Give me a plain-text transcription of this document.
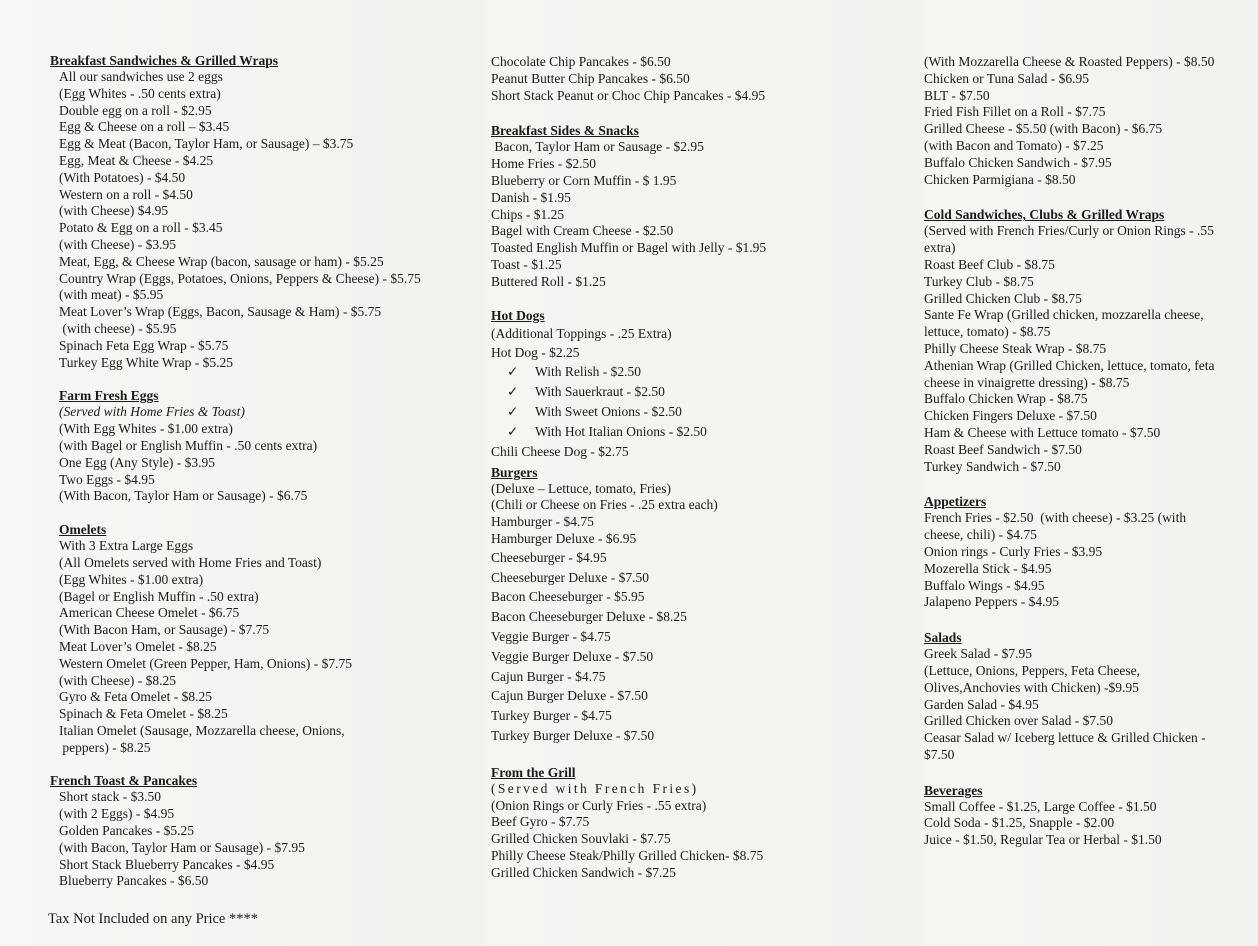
Breakfast Sandwiches & Grilled Wraps
All our sandwiches use 2 eggs
(Egg Whites - .50 cents extra)
Double egg on a roll - $2.95
Egg & Cheese on a roll – $3.45
Egg & Meat (Bacon, Taylor Ham, or Sausage) – $3.75
Egg, Meat & Cheese - $4.25
(With Potatoes) - $4.50
Western on a roll - $4.50
(with Cheese) $4.95
Potato & Egg on a roll - $3.45
(with Cheese) - $3.95
Meat, Egg, & Cheese Wrap (bacon, sausage or ham) - $5.25
Country Wrap (Eggs, Potatoes, Onions, Peppers & Cheese) - $5.75
(with meat) - $5.95
Meat Lover’s Wrap (Eggs, Bacon, Sausage & Ham) - $5.75
(with cheese) - $5.95
Spinach Feta Egg Wrap - $5.75
Turkey Egg White Wrap - $5.25
Farm Fresh Eggs
(Served with Home Fries & Toast)
(With Egg Whites - $1.00 extra)
(with Bagel or English Muffin - .50 cents extra)
One Egg (Any Style) - $3.95
Two Eggs - $4.95
(With Bacon, Taylor Ham or Sausage) - $6.75
Omelets
With 3 Extra Large Eggs
(All Omelets served with Home Fries and Toast)
(Egg Whites - $1.00 extra)
(Bagel or English Muffin - .50 extra)
American Cheese Omelet - $6.75
(With Bacon Ham, or Sausage) - $7.75
Meat Lover’s Omelet - $8.25
Western Omelet (Green Pepper, Ham, Onions) - $7.75
(with Cheese) - $8.25
Gyro & Feta Omelet - $8.25
Spinach & Feta Omelet - $8.25
Italian Omelet (Sausage, Mozzarella cheese, Onions,
peppers) - $8.25
French Toast & Pancakes
Short stack - $3.50
(with 2 Eggs) - $4.95
Golden Pancakes - $5.25
(with Bacon, Taylor Ham or Sausage) - $7.95
Short Stack Blueberry Pancakes - $4.95
Blueberry Pancakes - $6.50
Chocolate Chip Pancakes - $6.50
Peanut Butter Chip Pancakes - $6.50
Short Stack Peanut or Choc Chip Pancakes - $4.95
Breakfast Sides & Snacks
Bacon, Taylor Ham or Sausage - $2.95
Home Fries - $2.50
Blueberry or Corn Muffin - $ 1.95
Danish - $1.95
Chips - $1.25
Bagel with Cream Cheese - $2.50
Toasted English Muffin or Bagel with Jelly - $1.95
Toast - $1.25
Buttered Roll - $1.25
Hot Dogs
(Additional Toppings - .25 Extra)
Hot Dog - $2.25
✓ With Relish - $2.50
✓ With Sauerkraut - $2.50
✓ With Sweet Onions - $2.50
✓ With Hot Italian Onions - $2.50
Chili Cheese Dog - $2.75
Burgers
(Deluxe – Lettuce, tomato, Fries)
(Chili or Cheese on Fries - .25 extra each)
Hamburger - $4.75
Hamburger Deluxe - $6.95
Cheeseburger - $4.95
Cheeseburger Deluxe - $7.50
Bacon Cheeseburger - $5.95
Bacon Cheeseburger Deluxe - $8.25
Veggie Burger - $4.75
Veggie Burger Deluxe - $7.50
Cajun Burger - $4.75
Cajun Burger Deluxe - $7.50
Turkey Burger - $4.75
Turkey Burger Deluxe - $7.50
From the Grill
(Served with French Fries)
(Onion Rings or Curly Fries - .55 extra)
Beef Gyro - $7.75
Grilled Chicken Souvlaki - $7.75
Philly Cheese Steak/Philly Grilled Chicken- $8.75
Grilled Chicken Sandwich - $7.25
(With Mozzarella Cheese & Roasted Peppers) - $8.50
Chicken or Tuna Salad - $6.95
BLT - $7.50
Fried Fish Fillet on a Roll - $7.75
Grilled Cheese - $5.50 (with Bacon) - $6.75
(with Bacon and Tomato) - $7.25
Buffalo Chicken Sandwich - $7.95
Chicken Parmigiana - $8.50
Cold Sandwiches, Clubs & Grilled Wraps
(Served with French Fries/Curly or Onion Rings - .55
extra)
Roast Beef Club - $8.75
Turkey Club - $8.75
Grilled Chicken Club - $8.75
Sante Fe Wrap (Grilled chicken, mozzarella cheese,
lettuce, tomato) - $8.75
Philly Cheese Steak Wrap - $8.75
Athenian Wrap (Grilled Chicken, lettuce, tomato, feta
cheese in vinaigrette dressing) - $8.75
Buffalo Chicken Wrap - $8.75
Chicken Fingers Deluxe - $7.50
Ham & Cheese with Lettuce tomato - $7.50
Roast Beef Sandwich - $7.50
Turkey Sandwich - $7.50
Appetizers
French Fries - $2.50  (with cheese) - $3.25 (with
cheese, chili) - $4.75
Onion rings - Curly Fries - $3.95
Mozerella Stick - $4.95
Buffalo Wings - $4.95
Jalapeno Peppers - $4.95
Salads
Greek Salad - $7.95
(Lettuce, Onions, Peppers, Feta Cheese,
Olives,Anchovies with Chicken) -$9.95
Garden Salad - $4.95
Grilled Chicken over Salad - $7.50
Ceasar Salad w/ Iceberg lettuce & Grilled Chicken -
$7.50
Beverages
Small Coffee - $1.25, Large Coffee - $1.50
Cold Soda - $1.25, Snapple - $2.00
Juice - $1.50, Regular Tea or Herbal - $1.50
Tax Not Included on any Price ****
